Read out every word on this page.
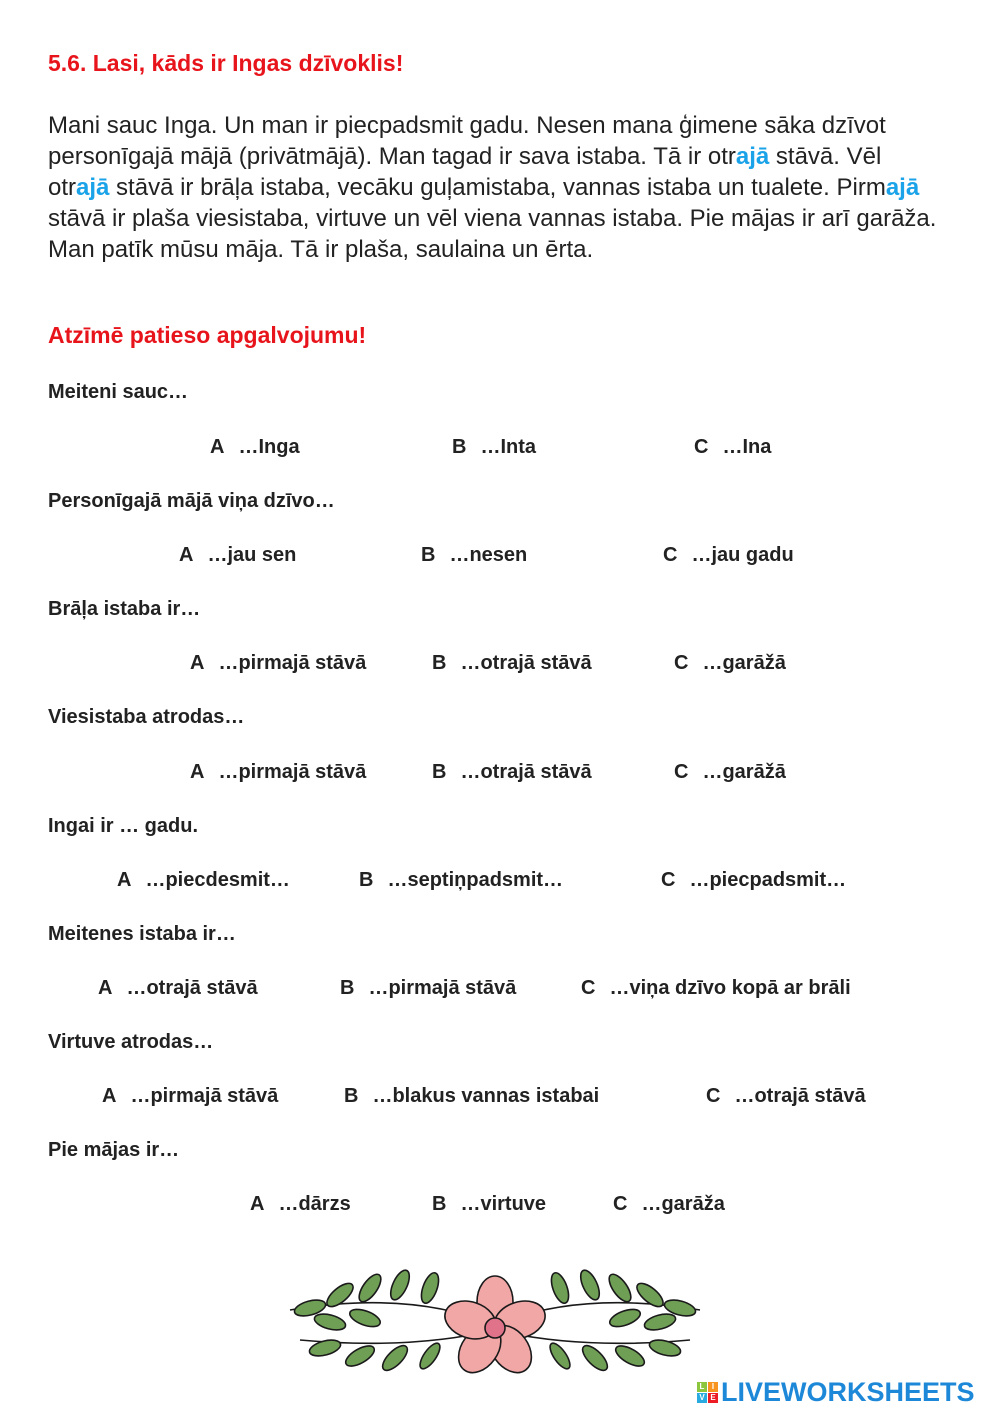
5.6. Lasi, kāds ir Ingas dzīvoklis!

Mani sauc Inga. Un man ir piecpadsmit gadu. Nesen mana ģimene sāka dzīvot personīgajā mājā (privātmājā). Man tagad ir sava istaba. Tā ir otrajā stāvā. Vēl otrajā stāvā ir brāļa istaba, vecāku guļamistaba, vannas istaba un tualete. Pirmajā stāvā ir plaša viesistaba, virtuve un vēl viena vannas istaba. Pie mājas ir arī garāža. Man patīk mūsu māja. Tā ir plaša, saulaina un ērta.

Atzīmē patieso apgalvojumu!

Meiteni sauc…

A …Inga	B …Inta	C …Ina

Personīgajā mājā viņa dzīvo…

A …jau sen	B …nesen	C …jau gadu

Brāļa istaba ir…

A …pirmajā stāvā	B …otrajā stāvā	C …garāžā

Viesistaba atrodas…

A …pirmajā stāvā	B …otrajā stāvā	C …garāžā

Ingai ir … gadu.

A …piecdesmit…	B …septiņpadsmit…	C …piecpadsmit…

Meitenes istaba ir…

A …otrajā stāvā	B …pirmajā stāvā	C …viņa dzīvo kopā ar brāli

Virtuve atrodas…

A …pirmajā stāvā	B …blakus vannas istabai	C …otrajā stāvā

Pie mājas ir…

A …dārzs	B …virtuve	C …garāža
L I
V E LIVEWORKSHEETS
